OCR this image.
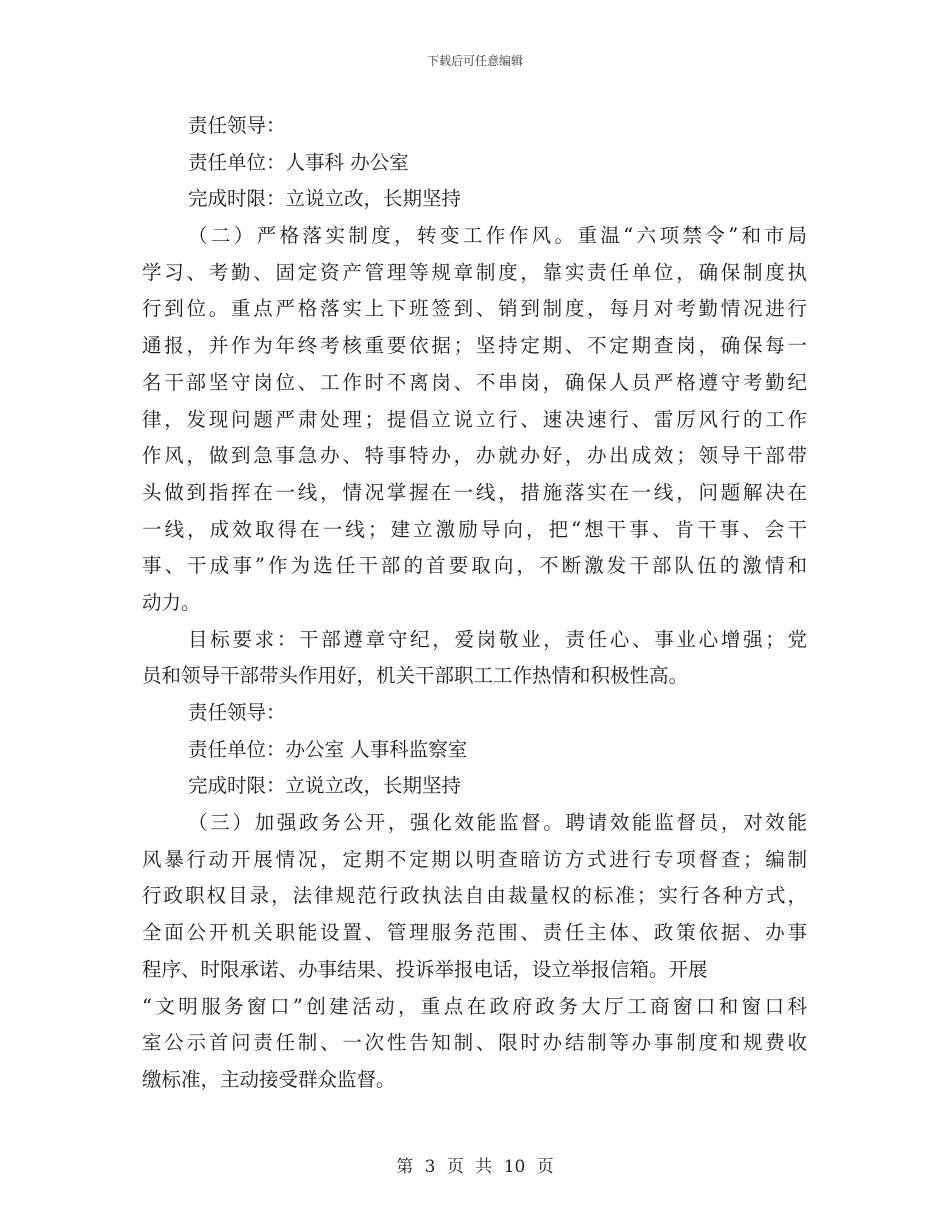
下载后可任意编辑
责任领导：
责任单位：人事科 办公室
完成时限：立说立改，长期坚持
（二）严格落实制度，转变工作作风。重温“六项禁令”和市局
学习、考勤、固定资产管理等规章制度，靠实责任单位，确保制度执
行到位。重点严格落实上下班签到、销到制度，每月对考勤情况进行
通报，并作为年终考核重要依据；坚持定期、不定期查岗，确保每一
名干部坚守岗位、工作时不离岗、不串岗，确保人员严格遵守考勤纪
律，发现问题严肃处理；提倡立说立行、速决速行、雷厉风行的工作
作风，做到急事急办、特事特办，办就办好，办出成效；领导干部带
头做到指挥在一线，情况掌握在一线，措施落实在一线，问题解决在
一线，成效取得在一线；建立激励导向，把“想干事、肯干事、会干
事、干成事”作为选任干部的首要取向，不断激发干部队伍的激情和
动力。
目标要求：干部遵章守纪，爱岗敬业，责任心、事业心增强；党
员和领导干部带头作用好，机关干部职工工作热情和积极性高。
责任领导：
责任单位：办公室 人事科监察室
完成时限：立说立改，长期坚持
（三）加强政务公开，强化效能监督。聘请效能监督员，对效能
风暴行动开展情况，定期不定期以明查暗访方式进行专项督查；编制
行政职权目录，法律规范行政执法自由裁量权的标准；实行各种方式，
全面公开机关职能设置、管理服务范围、责任主体、政策依据、办事
程序、时限承诺、办事结果、投诉举报电话，设立举报信箱。开展
“文明服务窗口”创建活动，重点在政府政务大厅工商窗口和窗口科
室公示首问责任制、一次性告知制、限时办结制等办事制度和规费收
缴标准，主动接受群众监督。
第 3 页 共 10 页
